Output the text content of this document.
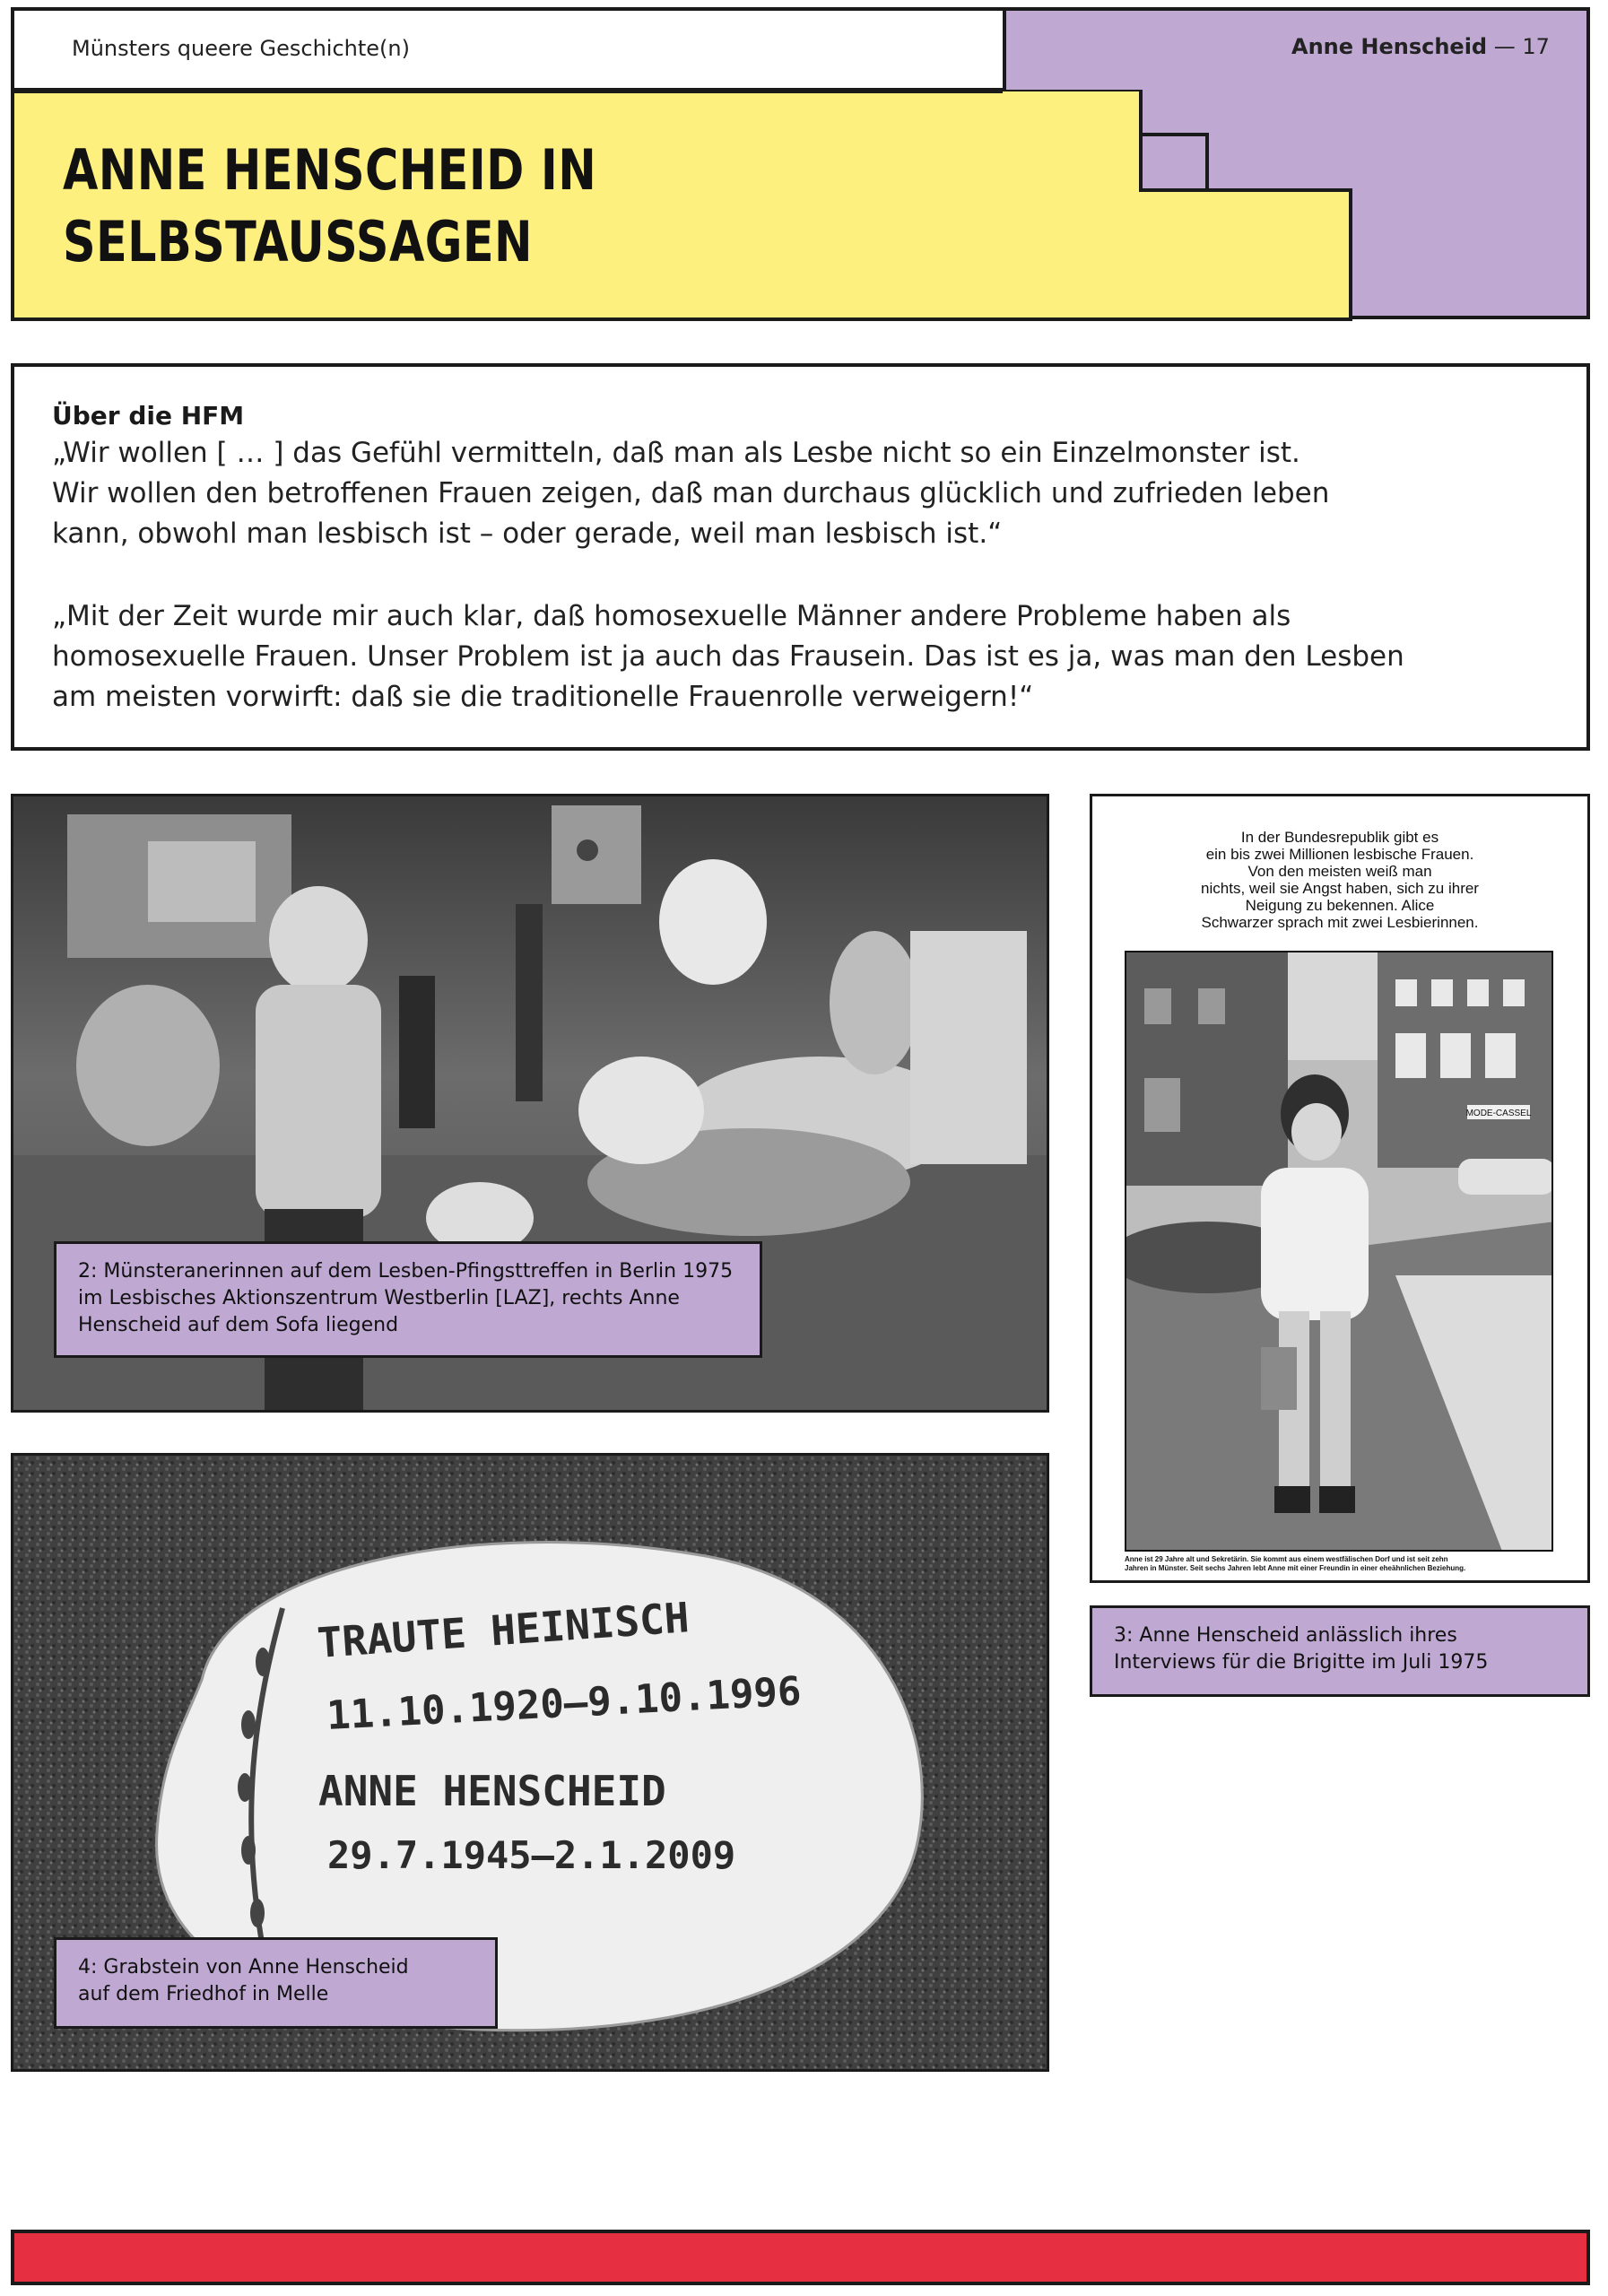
Münsters queere Geschichte(n)	Anne Henscheid — 17
ANNE HENSCHEID IN
SELBSTAUSSAGEN
Über die HFM
„Wir wollen [ … ] das Gefühl vermitteln, daß man als Lesbe nicht so ein Einzelmonster ist.
Wir wollen den betroffenen Frauen zeigen, daß man durchaus glücklich und zufrieden leben
kann, obwohl man lesbisch ist – oder gerade, weil man lesbisch ist.“
„Mit der Zeit wurde mir auch klar, daß homosexuelle Männer andere Probleme haben als
homosexuelle Frauen. Unser Problem ist ja auch das Frausein. Das ist es ja, was man den Lesben
am meisten vorwirft: daß sie die traditionelle Frauenrolle verweigern!“
2: Münsteranerinnen auf dem Lesben-Pfingsttreffen in Berlin 1975
im Lesbisches Aktionszentrum Westberlin [LAZ], rechts Anne
Henscheid auf dem Sofa liegend
In der Bundesrepublik gibt es
ein bis zwei Millionen lesbische Frauen.
Von den meisten weiß man
nichts, weil sie Angst haben, sich zu ihrer
Neigung zu bekennen. Alice
Schwarzer sprach mit zwei Lesbierinnen.
MODE-CASSEL
Anne ist 29 Jahre alt und Sekretärin. Sie kommt aus einem westfälischen Dorf und ist seit zehn
Jahren in Münster. Seit sechs Jahren lebt Anne mit einer Freundin in einer eheähnlichen Beziehung.
3: Anne Henscheid anlässlich ihres
Interviews für die Brigitte im Juli 1975
TRAUTE HEINISCH
11.10.1920–9.10.1996
ANNE HENSCHEID
29.7.1945–2.1.2009
4: Grabstein von Anne Henscheid
auf dem Friedhof in Melle
